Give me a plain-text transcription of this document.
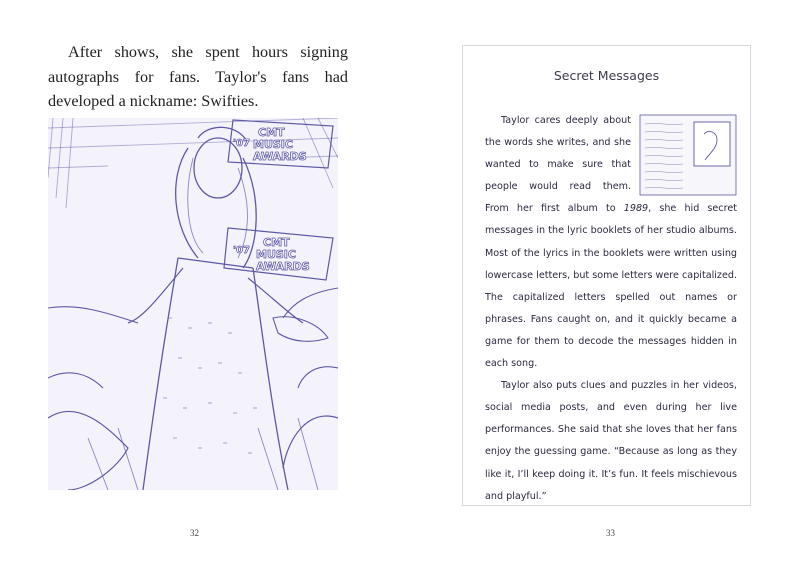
After shows, she spent hours signing autographs for fans. Taylor's fans had developed a nickname: Swifties.

CMT
MUSIC
AWARDS
'07
CMT
MUSIC
AWARDS
'07
32
Secret Messages

Taylor cares deeply about the words she writes, and she wanted to make sure that people would read them. From her first album to 1989, she hid secret messages in the lyric booklets of her studio albums. Most of the lyrics in the booklets were written using lowercase letters, but some letters were capitalized. The capitalized letters spelled out names or phrases. Fans caught on, and it quickly became a game for them to decode the messages hidden in each song.

Taylor also puts clues and puzzles in her videos, social media posts, and even during her live performances. She said that she loves that her fans enjoy the guessing game. “Because as long as they like it, I’ll keep doing it. It’s fun. It feels mischievous and playful.”

33
